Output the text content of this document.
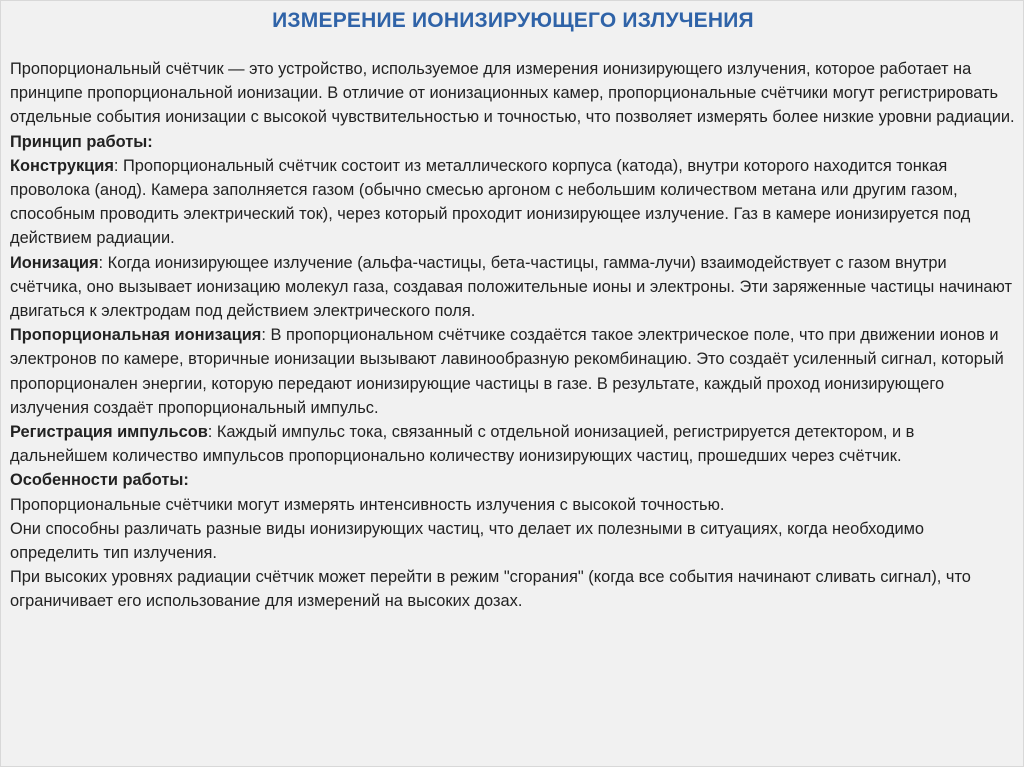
ИЗМЕРЕНИЕ ИОНИЗИРУЮЩЕГО ИЗЛУЧЕНИЯ

Пропорциональный счётчик — это устройство, используемое для измерения ионизирующего излучения, которое работает на принципе пропорциональной ионизации. В отличие от ионизационных камер, пропорциональные счётчики могут регистрировать отдельные события ионизации с высокой чувствительностью и точностью, что позволяет измерять более низкие уровни радиации.

Принцип работы:

Конструкция: Пропорциональный счётчик состоит из металлического корпуса (катода), внутри которого находится тонкая проволока (анод). Камера заполняется газом (обычно смесью аргоном с небольшим количеством метана или другим газом, способным проводить электрический ток), через который проходит ионизирующее излучение. Газ в камере ионизируется под действием радиации.

Ионизация: Когда ионизирующее излучение (альфа-частицы, бета-частицы, гамма-лучи) взаимодействует с газом внутри счётчика, оно вызывает ионизацию молекул газа, создавая положительные ионы и электроны. Эти заряженные частицы начинают двигаться к электродам под действием электрического поля.

Пропорциональная ионизация: В пропорциональном счётчике создаётся такое электрическое поле, что при движении ионов и электронов по камере, вторичные ионизации вызывают лавинообразную рекомбинацию. Это создаёт усиленный сигнал, который пропорционален энергии, которую передают ионизирующие частицы в газе. В результате, каждый проход ионизирующего излучения создаёт пропорциональный импульс.

Регистрация импульсов: Каждый импульс тока, связанный с отдельной ионизацией, регистрируется детектором, и в дальнейшем количество импульсов пропорционально количеству ионизирующих частиц, прошедших через счётчик.

Особенности работы:

Пропорциональные счётчики могут измерять интенсивность излучения с высокой точностью.

Они способны различать разные виды ионизирующих частиц, что делает их полезными в ситуациях, когда необходимо определить тип излучения.

При высоких уровнях радиации счётчик может перейти в режим "сгорания" (когда все события начинают сливать сигнал), что ограничивает его использование для измерений на высоких дозах.
